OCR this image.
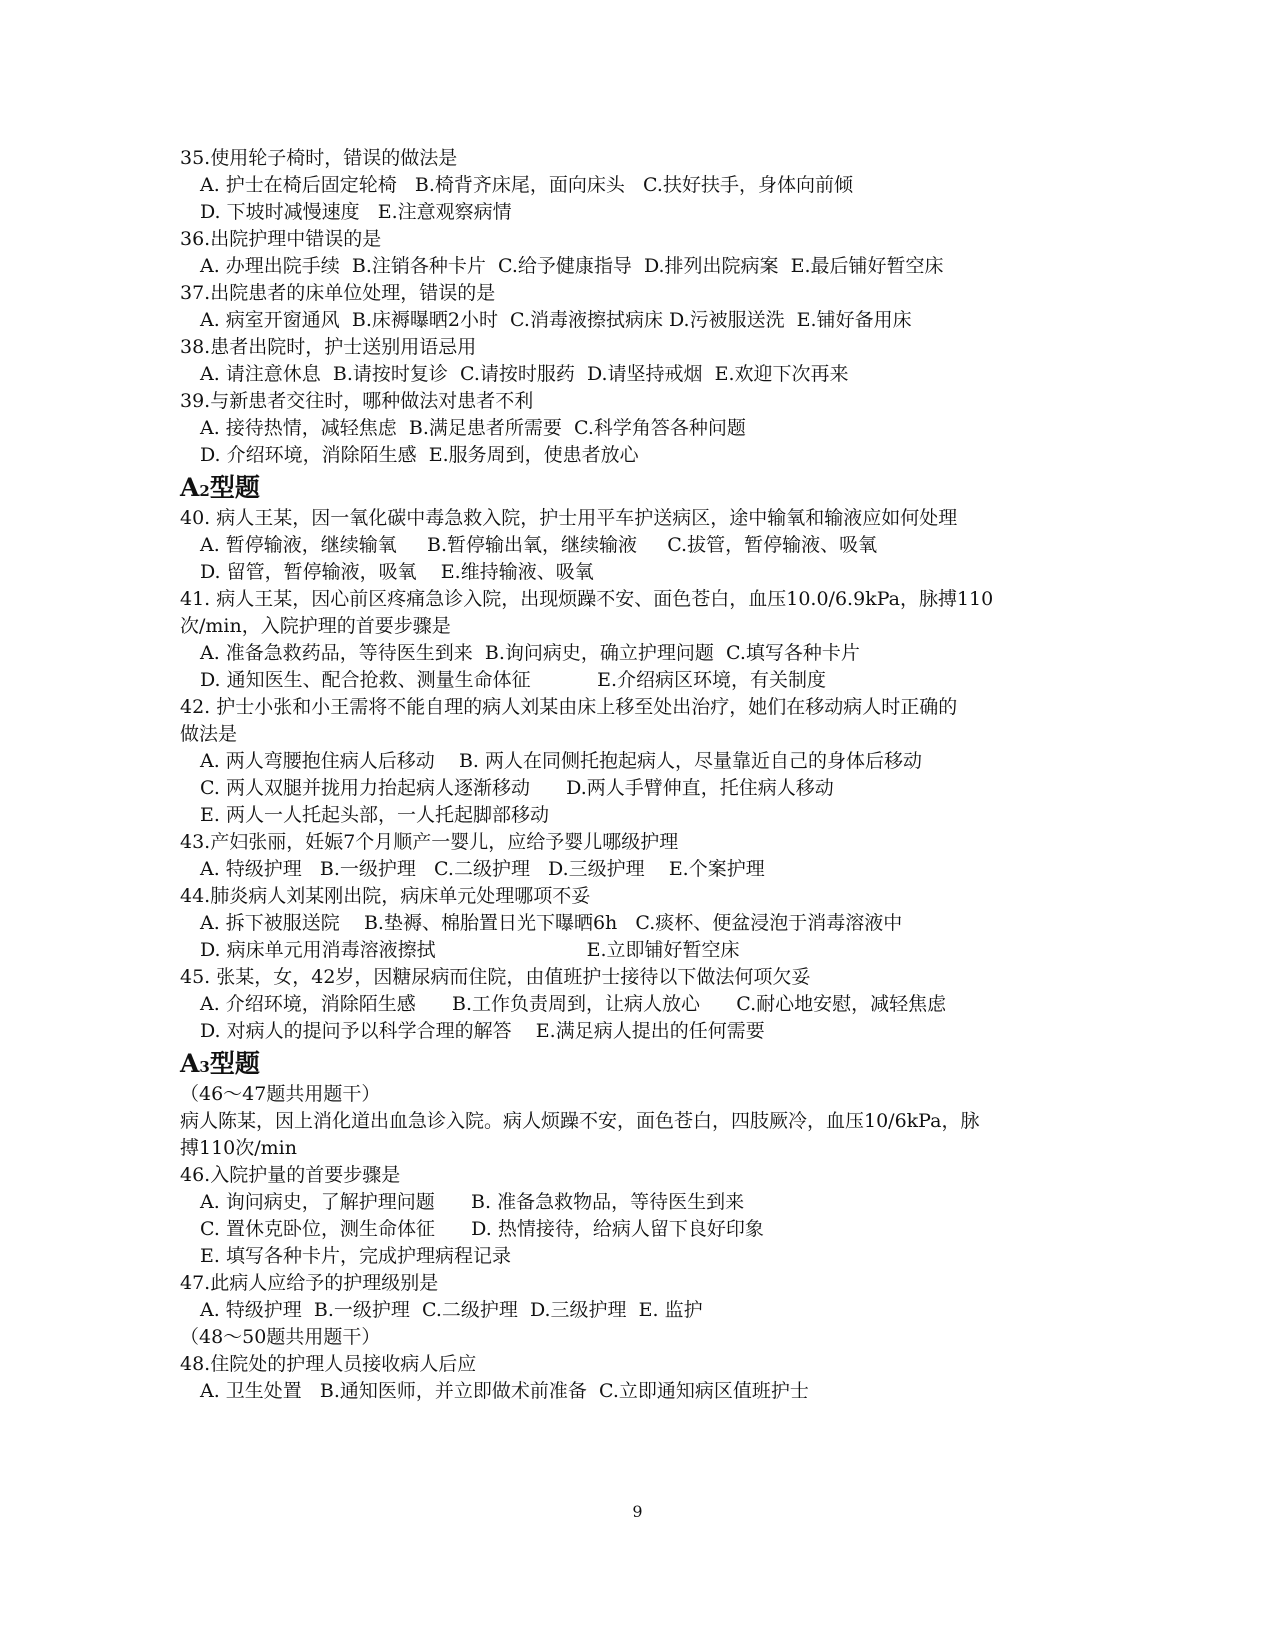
35.使用轮子椅时，错误的做法是
A. 护士在椅后固定轮椅   B.椅背齐床尾，面向床头   C.扶好扶手，身体向前倾
D. 下坡时减慢速度   E.注意观察病情
36.出院护理中错误的是
A. 办理出院手续  B.注销各种卡片  C.给予健康指导  D.排列出院病案  E.最后铺好暂空床
37.出院患者的床单位处理，错误的是
A. 病室开窗通风  B.床褥曝晒2小时  C.消毒液擦拭病床 D.污被服送洗  E.铺好备用床
38.患者出院时，护士送别用语忌用
A. 请注意休息  B.请按时复诊  C.请按时服药  D.请坚持戒烟  E.欢迎下次再来
39.与新患者交往时，哪种做法对患者不利
A. 接待热情，减轻焦虑  B.满足患者所需要  C.科学角答各种问题
D. 介绍环境，消除陌生感  E.服务周到，使患者放心
A2型题
40. 病人王某，因一氧化碳中毒急救入院，护士用平车护送病区，途中输氧和输液应如何处理
A. 暂停输液，继续输氧     B.暂停输出氧，继续输液     C.拔管，暂停输液、吸氧
D. 留管，暂停输液，吸氧    E.维持输液、吸氧
41. 病人王某，因心前区疼痛急诊入院，出现烦躁不安、面色苍白，血压10.0/6.9kPa，脉搏110
次/min，入院护理的首要步骤是
A. 准备急救药品，等待医生到来  B.询问病史，确立护理问题  C.填写各种卡片
D. 通知医生、配合抢救、测量生命体征           E.介绍病区环境，有关制度
42. 护士小张和小王需将不能自理的病人刘某由床上移至处出治疗，她们在移动病人时正确的
做法是
A. 两人弯腰抱住病人后移动    B. 两人在同侧托抱起病人，尽量靠近自己的身体后移动
C. 两人双腿并拢用力抬起病人逐渐移动      D.两人手臂伸直，托住病人移动
E. 两人一人托起头部，一人托起脚部移动
43.产妇张丽，妊娠7个月顺产一婴儿，应给予婴儿哪级护理
A. 特级护理   B.一级护理   C.二级护理   D.三级护理    E.个案护理
44.肺炎病人刘某刚出院，病床单元处理哪项不妥
A. 拆下被服送院    B.垫褥、棉胎置日光下曝晒6h   C.痰杯、便盆浸泡于消毒溶液中
D. 病床单元用消毒溶液擦拭                         E.立即铺好暂空床
45. 张某，女，42岁，因糖尿病而住院，由值班护士接待以下做法何项欠妥
A. 介绍环境，消除陌生感      B.工作负责周到，让病人放心      C.耐心地安慰，减轻焦虑
D. 对病人的提问予以科学合理的解答    E.满足病人提出的任何需要
A3型题
（46～47题共用题干）
病人陈某，因上消化道出血急诊入院。病人烦躁不安，面色苍白，四肢厥冷，血压10/6kPa，脉
搏110次/min
46.入院护量的首要步骤是
A. 询问病史，了解护理问题      B. 准备急救物品，等待医生到来
C. 置休克卧位，测生命体征      D. 热情接待，给病人留下良好印象
E. 填写各种卡片，完成护理病程记录
47.此病人应给予的护理级别是
A. 特级护理  B.一级护理  C.二级护理  D.三级护理  E. 监护
（48～50题共用题干）
48.住院处的护理人员接收病人后应
A. 卫生处置   B.通知医师，并立即做术前准备  C.立即通知病区值班护士
9
